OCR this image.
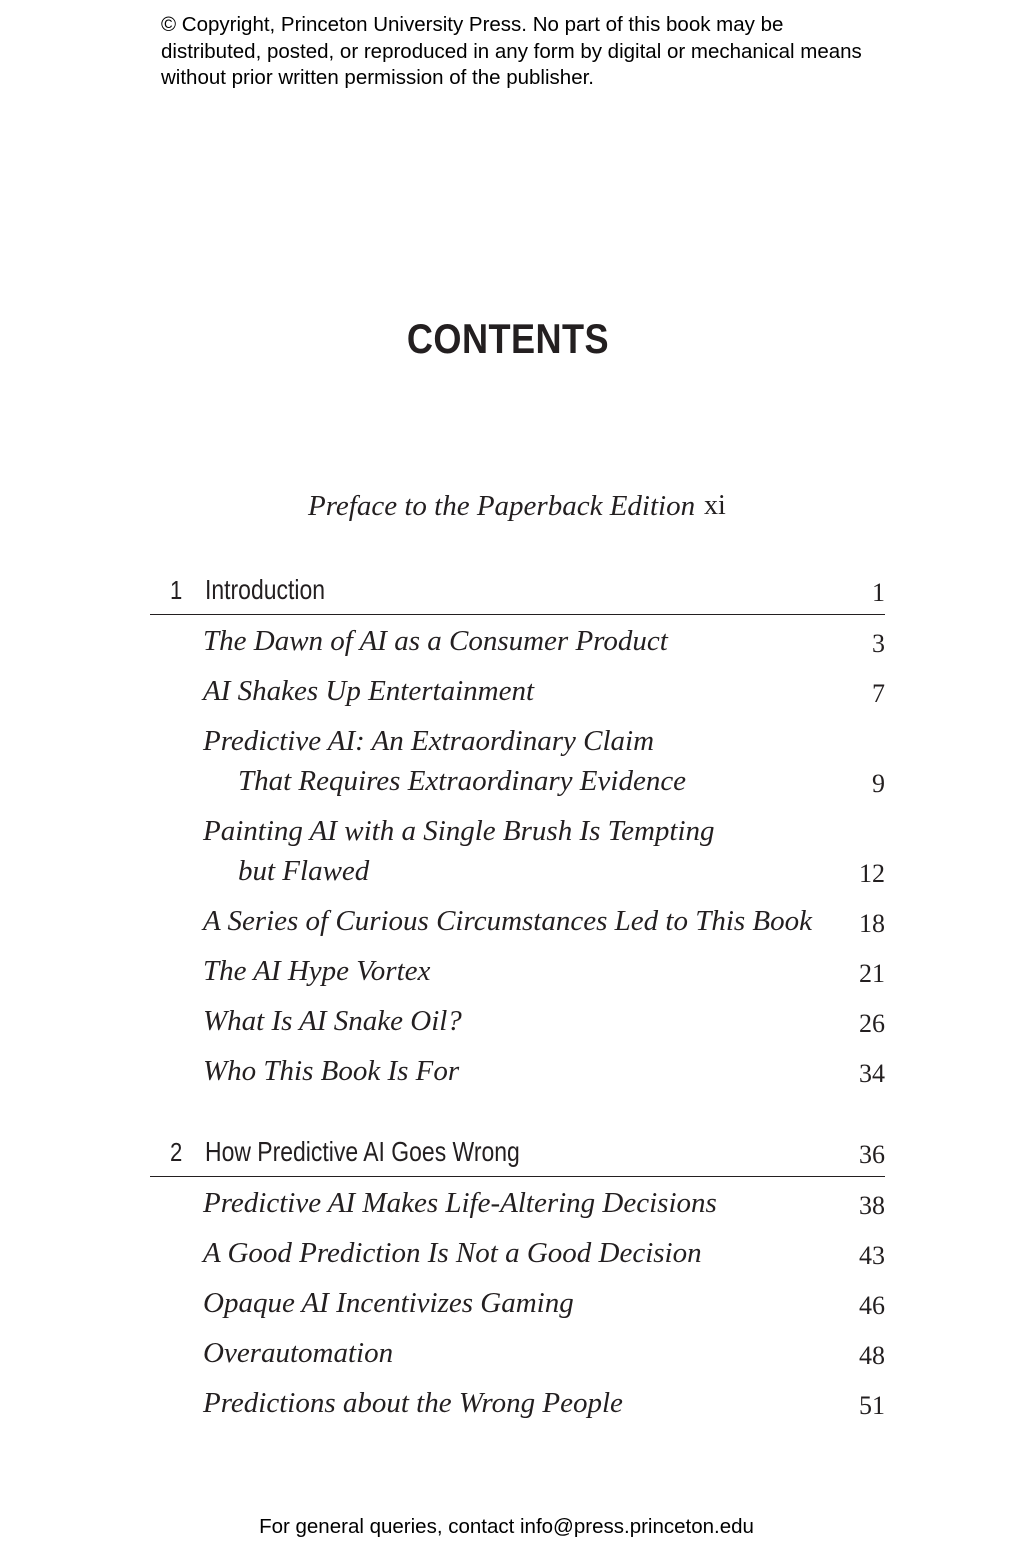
© Copyright, Princeton University Press. No part of this book may be distributed, posted, or reproduced in any form by digital or mechanical means without prior written permission of the publisher.
CONTENTS
Preface to the Paperback Edition xi
1 Introduction	1
The Dawn of AI as a Consumer Product	3
AI Shakes Up Entertainment	7
Predictive AI: An Extraordinary Claim
That Requires Extraordinary Evidence	9
Painting AI with a Single Brush Is Tempting
but Flawed	12
A Series of Curious Circumstances Led to This Book	18
The AI Hype Vortex	21
What Is AI Snake Oil?	26
Who This Book Is For	34
2 How Predictive AI Goes Wrong	36
Predictive AI Makes Life-Altering Decisions	38
A Good Prediction Is Not a Good Decision	43
Opaque AI Incentivizes Gaming	46
Overautomation	48
Predictions about the Wrong People	51
For general queries, contact info@press.princeton.edu
